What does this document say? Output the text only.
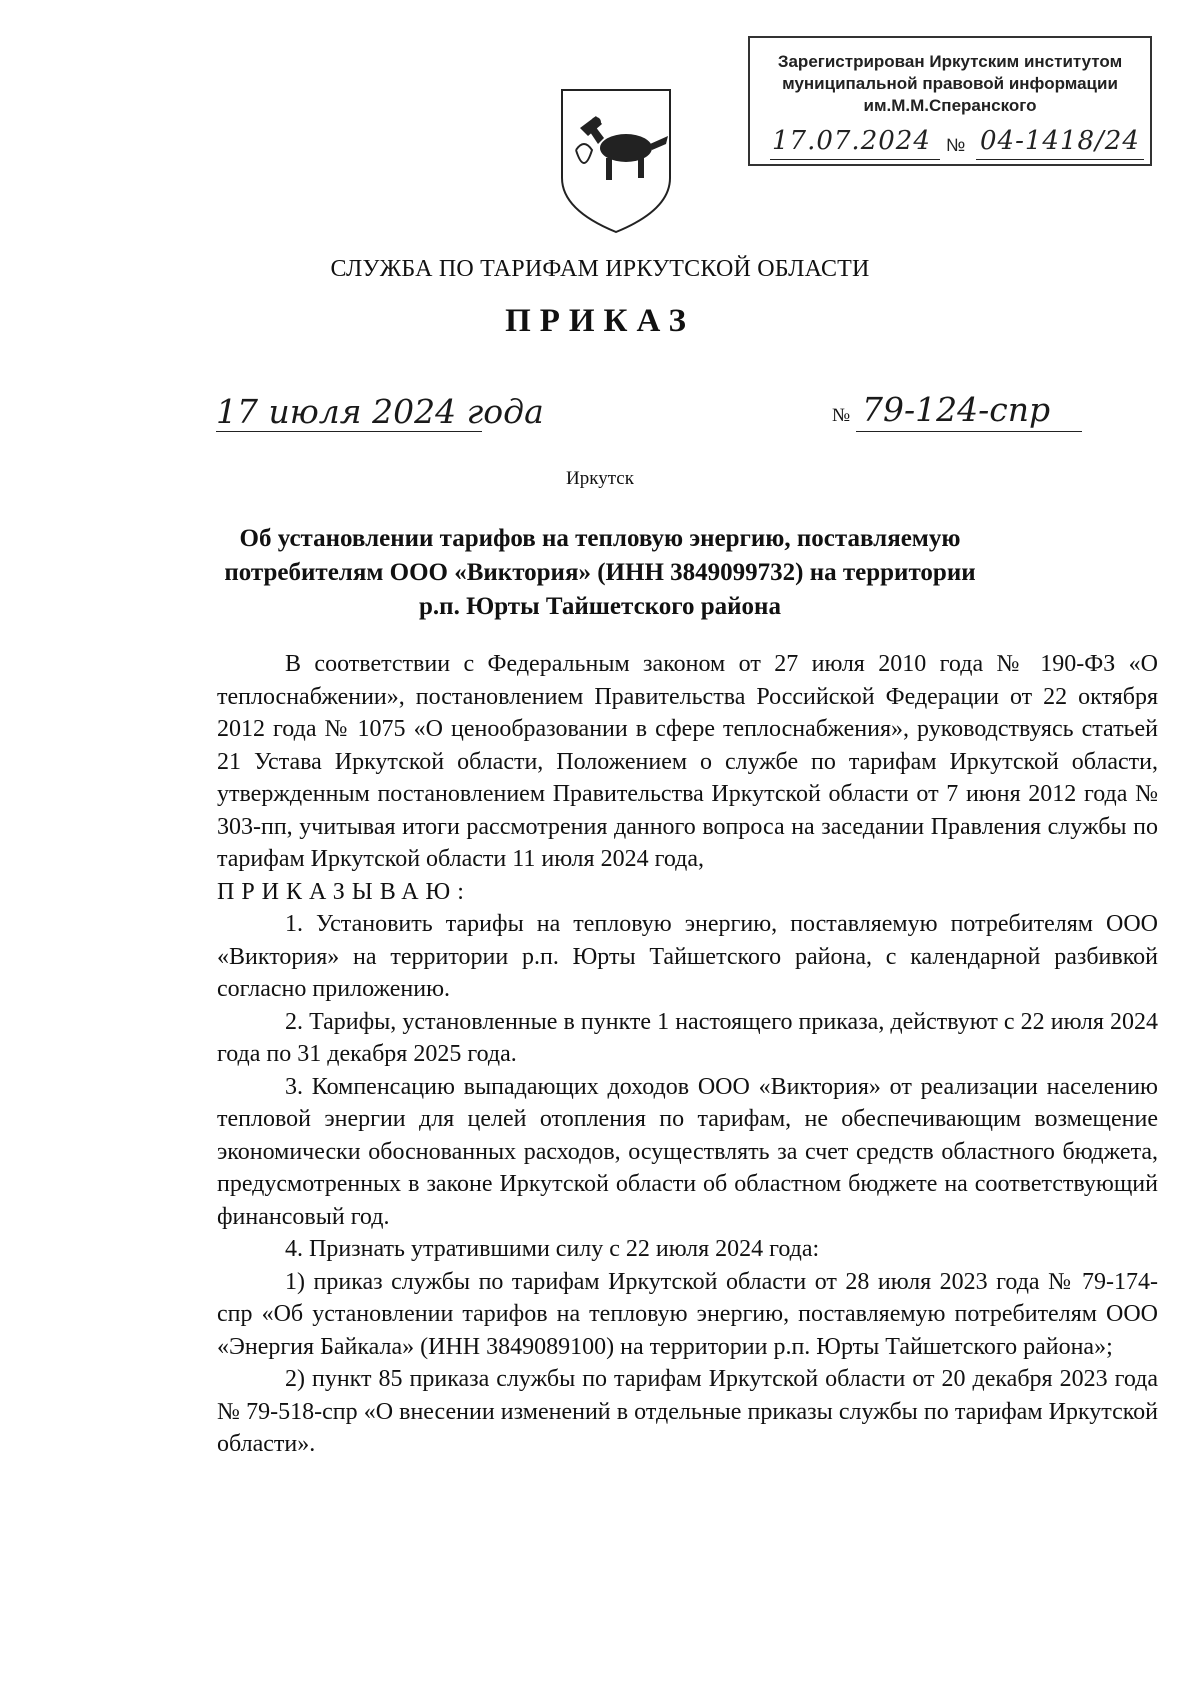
Зарегистрирован Иркутским институтом
муниципальной правовой информации
им.М.М.Сперанского
17.07.2024 № 04-1418/24
СЛУЖБА ПО ТАРИФАМ ИРКУТСКОЙ ОБЛАСТИ
ПРИКАЗ
17 июля 2024 года	№ 79-124-спр
Иркутск
Об установлении тарифов на тепловую энергию, поставляемую
потребителям ООО «Виктория» (ИНН 3849099732) на территории
р.п. Юрты Тайшетского района

В соответствии с Федеральным законом от 27 июля 2010 года № 190-ФЗ «О теплоснабжении», постановлением Правительства Российской Федерации от 22 октября 2012 года № 1075 «О ценообразовании в сфере теплоснабжения», руководствуясь статьей 21 Устава Иркутской области, Положением о службе по тарифам Иркутской области, утвержденным постановлением Правительства Иркутской области от 7 июня 2012 года № 303-пп, учитывая итоги рассмотрения данного вопроса на заседании Правления службы по тарифам Иркутской области 11 июля 2024 года,

ПРИКАЗЫВАЮ:

1. Установить тарифы на тепловую энергию, поставляемую потребителям ООО «Виктория» на территории р.п. Юрты Тайшетского района, с календарной разбивкой согласно приложению.

2. Тарифы, установленные в пункте 1 настоящего приказа, действуют с 22 июля 2024 года по 31 декабря 2025 года.

3. Компенсацию выпадающих доходов ООО «Виктория» от реализации населению тепловой энергии для целей отопления по тарифам, не обеспечивающим возмещение экономически обоснованных расходов, осуществлять за счет средств областного бюджета, предусмотренных в законе Иркутской области об областном бюджете на соответствующий финансовый год.

4. Признать утратившими силу с 22 июля 2024 года:

1) приказ службы по тарифам Иркутской области от 28 июля 2023 года № 79-174-спр «Об установлении тарифов на тепловую энергию, поставляемую потребителям ООО «Энергия Байкала» (ИНН 3849089100) на территории р.п. Юрты Тайшетского района»;

2) пункт 85 приказа службы по тарифам Иркутской области от 20 декабря 2023 года № 79-518-спр «О внесении изменений в отдельные приказы службы по тарифам Иркутской области».
